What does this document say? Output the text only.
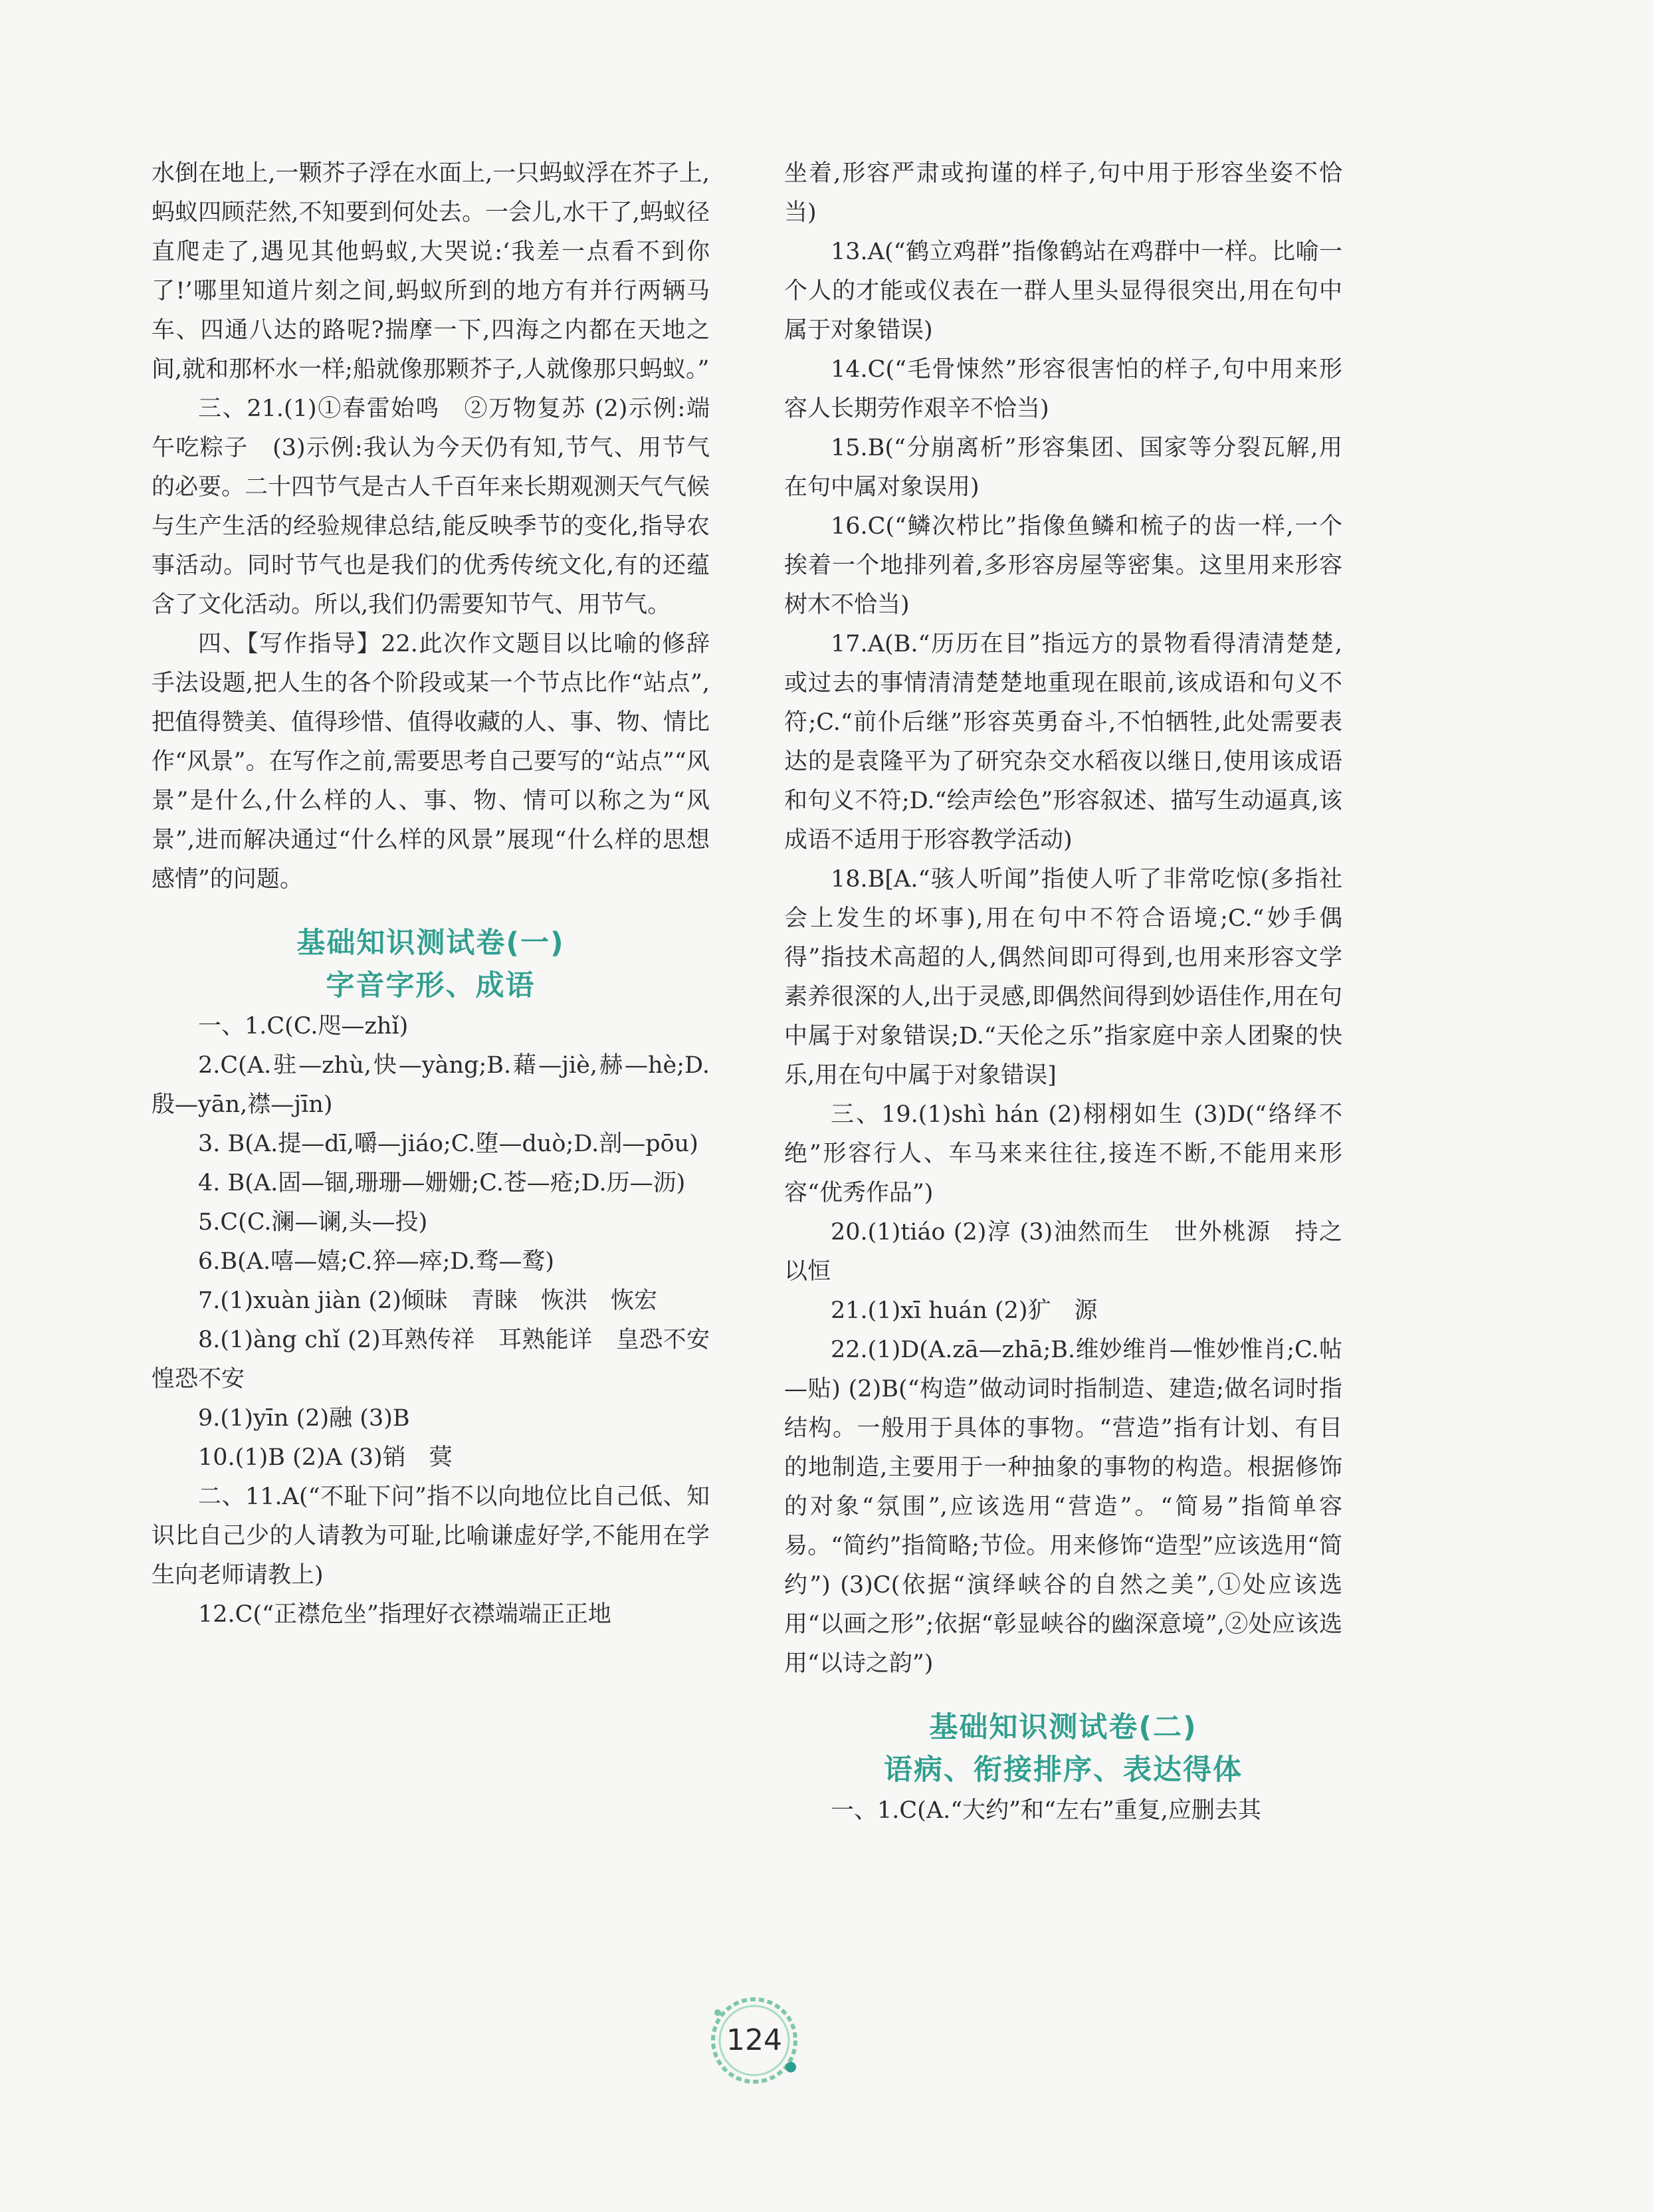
水倒在地上,一颗芥子浮在水面上,一只蚂蚁浮在芥子上,蚂蚁四顾茫然,不知要到何处去。一会儿,水干了,蚂蚁径直爬走了,遇见其他蚂蚁,大哭说:‘我差一点看不到你了!’哪里知道片刻之间,蚂蚁所到的地方有并行两辆马车、四通八达的路呢?揣摩一下,四海之内都在天地之间,就和那杯水一样;船就像那颗芥子,人就像那只蚂蚁。”

三、21.(1)①春雷始鸣　②万物复苏 (2)示例:端午吃粽子　(3)示例:我认为今天仍有知,节气、用节气的必要。二十四节气是古人千百年来长期观测天气气候与生产生活的经验规律总结,能反映季节的变化,指导农事活动。同时节气也是我们的优秀传统文化,有的还蕴含了文化活动。所以,我们仍需要知节气、用节气。

四、【写作指导】22.此次作文题目以比喻的修辞手法设题,把人生的各个阶段或某一个节点比作“站点”,把值得赞美、值得珍惜、值得收藏的人、事、物、情比作“风景”。在写作之前,需要思考自己要写的“站点”“风景”是什么,什么样的人、事、物、情可以称之为“风景”,进而解决通过“什么样的风景”展现“什么样的思想感情”的问题。

基础知识测试卷(一)
字音字形、成语

一、1.C(C.咫—zhǐ)

2.C(A.驻—zhù,快—yàng;B.藉—jiè,赫—hè;D.殷—yān,襟—jīn)

3. B(A.提—dī,嚼—jiáo;C.堕—duò;D.剖—pōu)

4. B(A.固—锢,珊珊—姗姗;C.苍—疮;D.历—沥)

5.C(C.澜—谰,头—投)

6.B(A.嘻—嬉;C.猝—瘁;D.骛—鹜)

7.(1)xuàn jiàn (2)倾昧　青睐　恢洪　恢宏

8.(1)àng chǐ (2)耳熟传祥　耳熟能详　皇恐不安　惶恐不安

9.(1)yīn (2)融 (3)B

10.(1)B (2)A (3)销　蓂

二、11.A(“不耻下问”指不以向地位比自己低、知识比自己少的人请教为可耻,比喻谦虚好学,不能用在学生向老师请教上)

12.C(“正襟危坐”指理好衣襟端端正正地

坐着,形容严肃或拘谨的样子,句中用于形容坐姿不恰当)

13.A(“鹤立鸡群”指像鹤站在鸡群中一样。比喻一个人的才能或仪表在一群人里头显得很突出,用在句中属于对象错误)

14.C(“毛骨悚然”形容很害怕的样子,句中用来形容人长期劳作艰辛不恰当)

15.B(“分崩离析”形容集团、国家等分裂瓦解,用在句中属对象误用)

16.C(“鳞次栉比”指像鱼鳞和梳子的齿一样,一个挨着一个地排列着,多形容房屋等密集。这里用来形容树木不恰当)

17.A(B.“历历在目”指远方的景物看得清清楚楚,或过去的事情清清楚楚地重现在眼前,该成语和句义不符;C.“前仆后继”形容英勇奋斗,不怕牺牲,此处需要表达的是袁隆平为了研究杂交水稻夜以继日,使用该成语和句义不符;D.“绘声绘色”形容叙述、描写生动逼真,该成语不适用于形容教学活动)

18.B[A.“骇人听闻”指使人听了非常吃惊(多指社会上发生的坏事),用在句中不符合语境;C.“妙手偶得”指技术高超的人,偶然间即可得到,也用来形容文学素养很深的人,出于灵感,即偶然间得到妙语佳作,用在句中属于对象错误;D.“天伦之乐”指家庭中亲人团聚的快乐,用在句中属于对象错误]

三、19.(1)shì hán (2)栩栩如生 (3)D(“络绎不绝”形容行人、车马来来往往,接连不断,不能用来形容“优秀作品”)

20.(1)tiáo (2)淳 (3)油然而生　世外桃源　持之以恒

21.(1)xī huán (2)犷　源

22.(1)D(A.zā—zhā;B.维妙维肖—惟妙惟肖;C.帖—贴) (2)B(“构造”做动词时指制造、建造;做名词时指结构。一般用于具体的事物。“营造”指有计划、有目的地制造,主要用于一种抽象的事物的构造。根据修饰的对象“氛围”,应该选用“营造”。“简易”指简单容易。“简约”指简略;节俭。用来修饰“造型”应该选用“简约”) (3)C(依据“演绎峡谷的自然之美”,①处应该选用“以画之形”;依据“彰显峡谷的幽深意境”,②处应该选用“以诗之韵”)

基础知识测试卷(二)
语病、衔接排序、表达得体

一、1.C(A.“大约”和“左右”重复,应删去其

124
